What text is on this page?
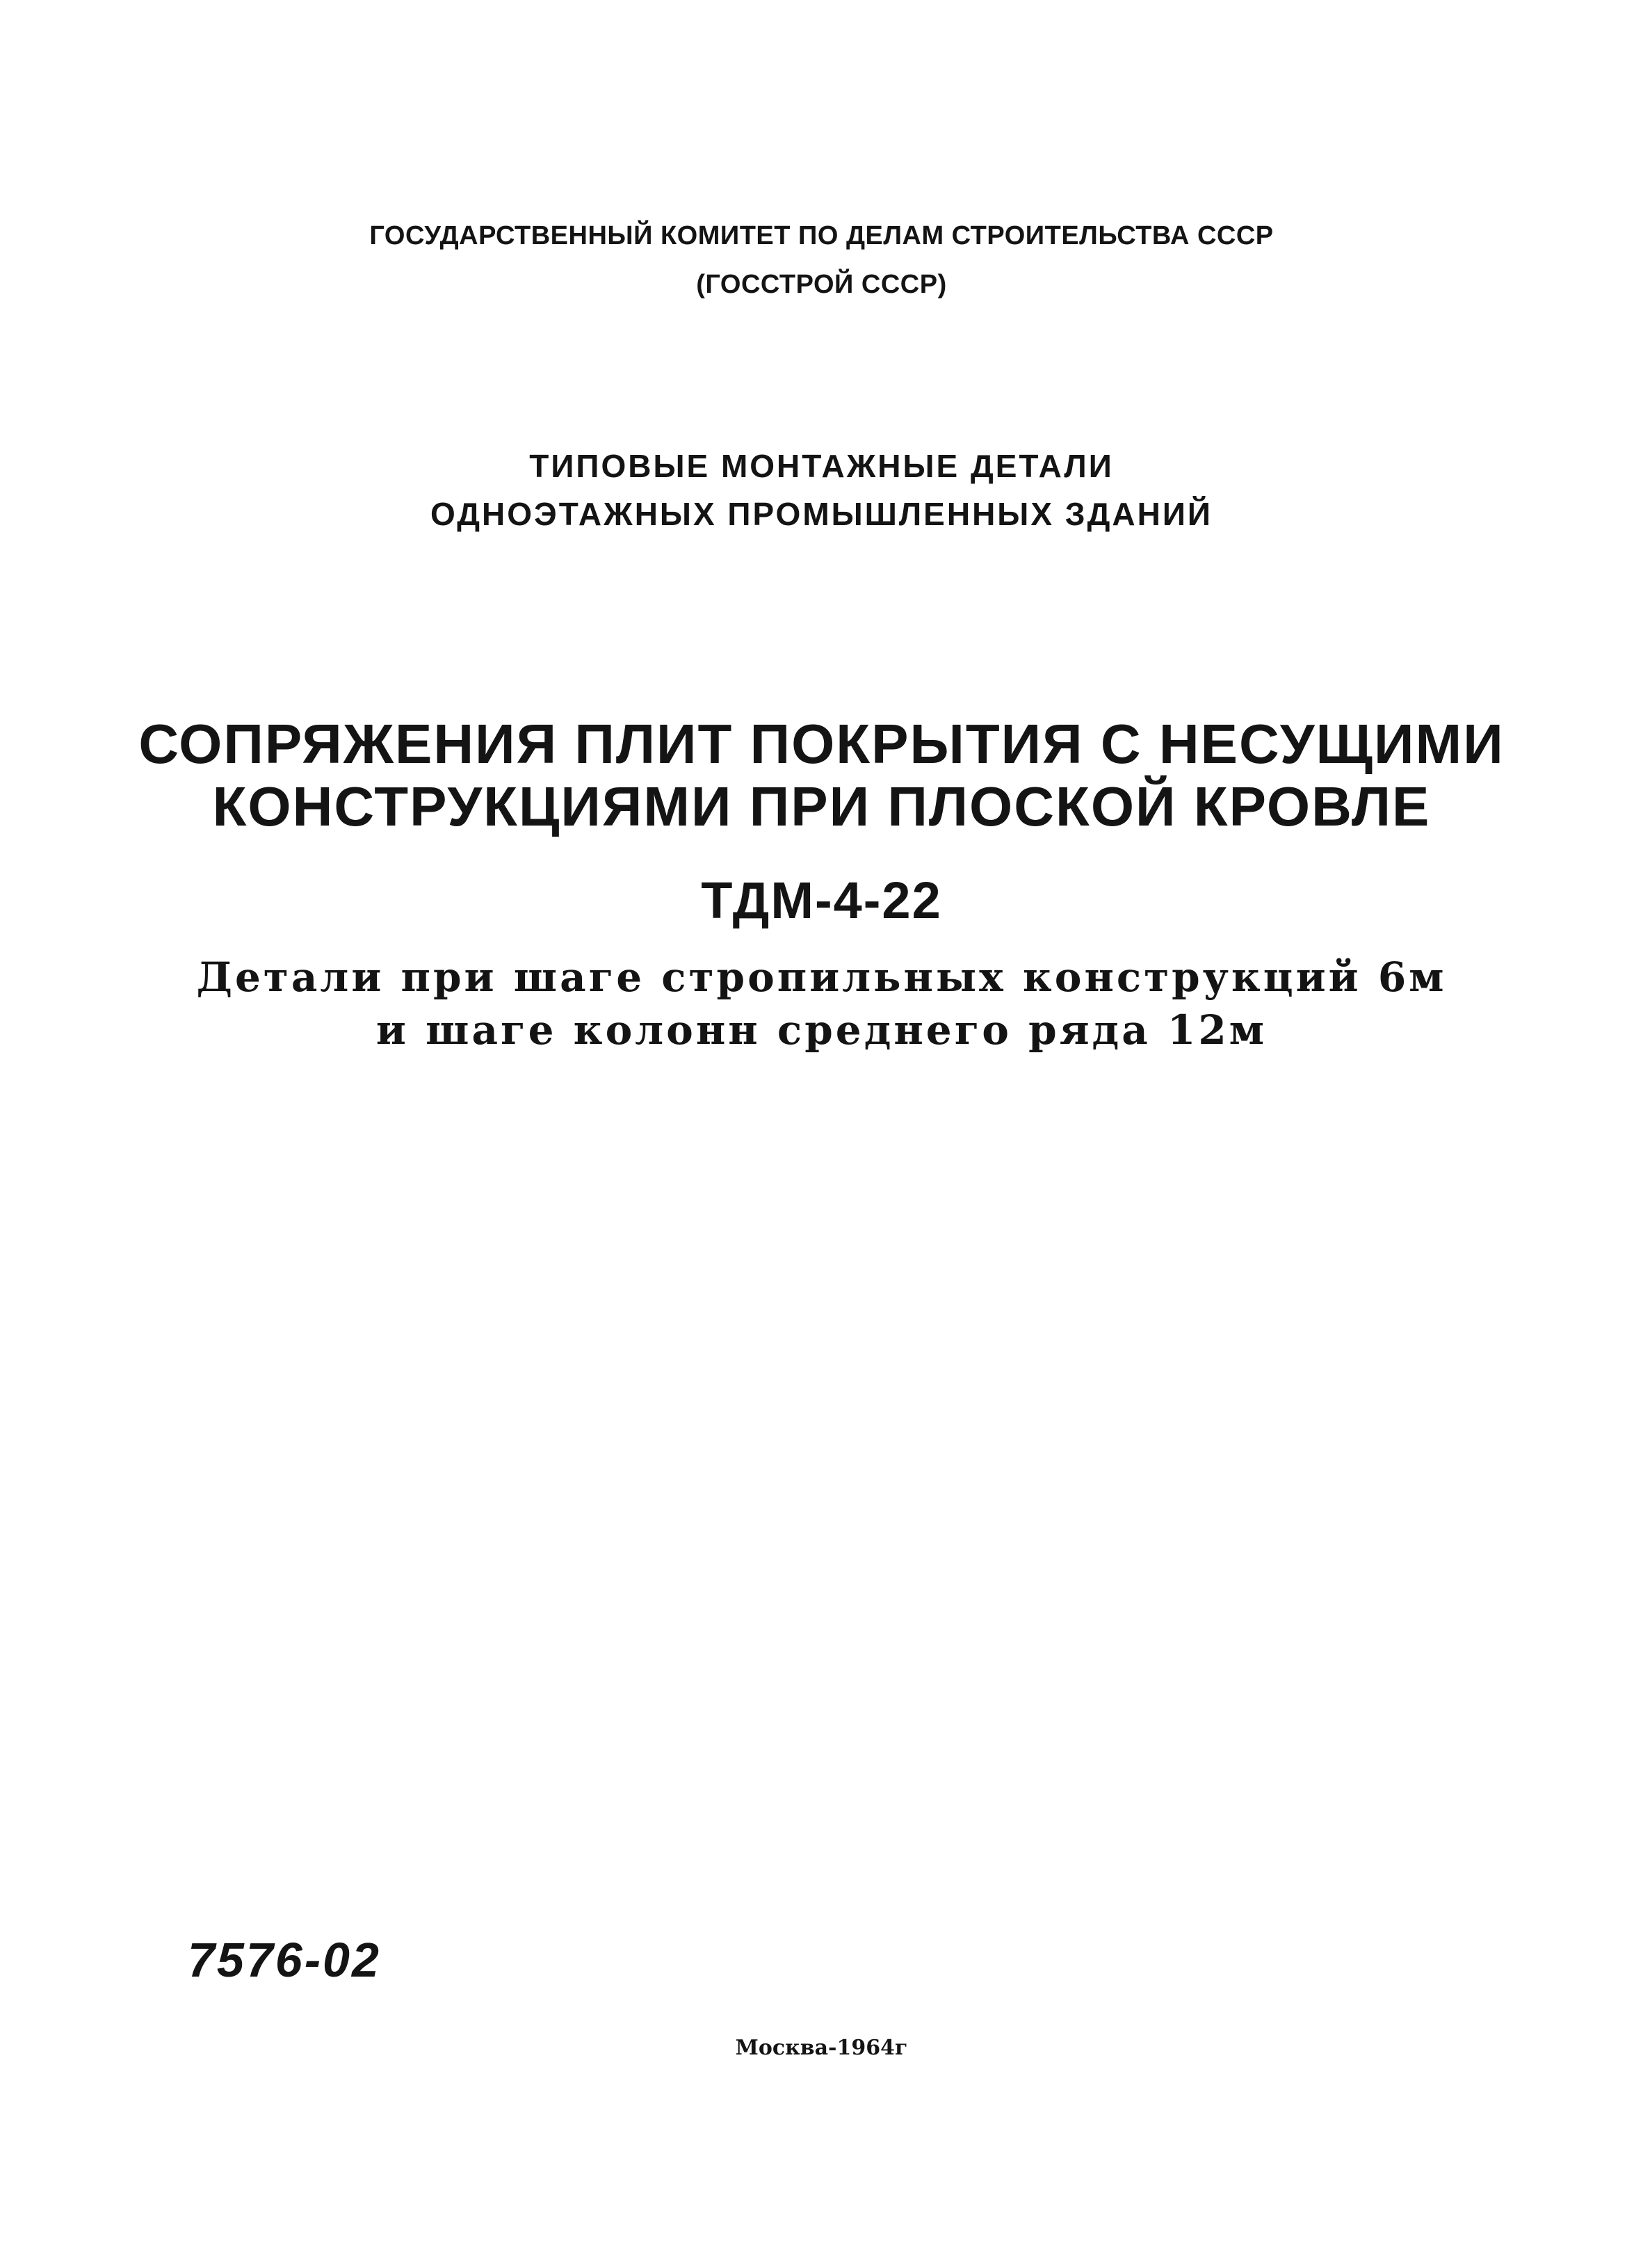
ГОСУДАРСТВЕННЫЙ КОМИТЕТ ПО ДЕЛАМ СТРОИТЕЛЬСТВА СССР
(ГОССТРОЙ СССР)
ТИПОВЫЕ МОНТАЖНЫЕ ДЕТАЛИ
ОДНОЭТАЖНЫХ ПРОМЫШЛЕННЫХ ЗДАНИЙ
СОПРЯЖЕНИЯ ПЛИТ ПОКРЫТИЯ С НЕСУЩИМИ
КОНСТРУКЦИЯМИ ПРИ ПЛОСКОЙ КРОВЛЕ
ТДМ-4-22
Детали при шаге стропильных конструкций 6м
и шаге колонн среднего ряда 12м
7576-02
Москва-1964г
